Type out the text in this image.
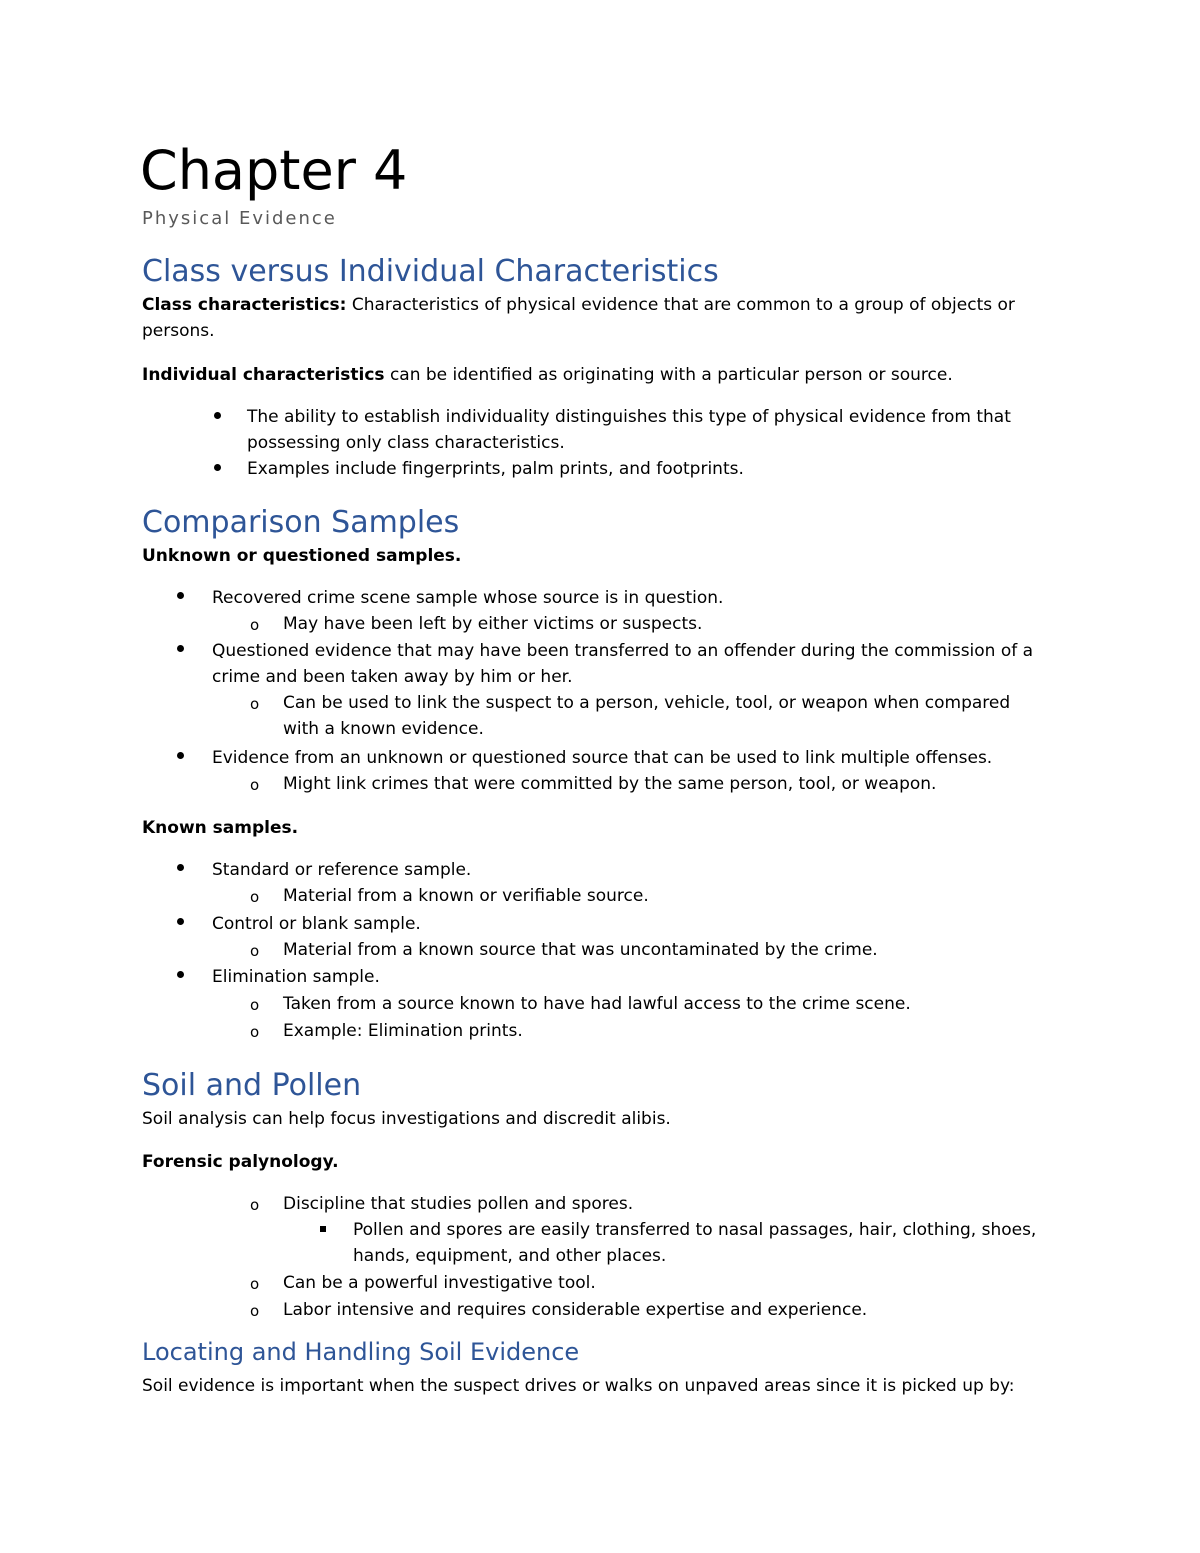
Chapter 4
Physical Evidence
Class versus Individual Characteristics
Class characteristics: Characteristics of physical evidence that are common to a group of objects or
persons.
Individual characteristics can be identified as originating with a particular person or source.
The ability to establish individuality distinguishes this type of physical evidence from that
possessing only class characteristics.
Examples include fingerprints, palm prints, and footprints.
Comparison Samples
Unknown or questioned samples.
Recovered crime scene sample whose source is in question.
o May have been left by either victims or suspects.
Questioned evidence that may have been transferred to an offender during the commission of a
crime and been taken away by him or her.
o Can be used to link the suspect to a person, vehicle, tool, or weapon when compared
with a known evidence.
Evidence from an unknown or questioned source that can be used to link multiple offenses.
o Might link crimes that were committed by the same person, tool, or weapon.
Known samples.
Standard or reference sample.
o Material from a known or verifiable source.
Control or blank sample.
o Material from a known source that was uncontaminated by the crime.
Elimination sample.
o Taken from a source known to have had lawful access to the crime scene.
o Example: Elimination prints.
Soil and Pollen
Soil analysis can help focus investigations and discredit alibis.
Forensic palynology.
o Discipline that studies pollen and spores.
Pollen and spores are easily transferred to nasal passages, hair, clothing, shoes,
hands, equipment, and other places.
o Can be a powerful investigative tool.
o Labor intensive and requires considerable expertise and experience.
Locating and Handling Soil Evidence
Soil evidence is important when the suspect drives or walks on unpaved areas since it is picked up by:
